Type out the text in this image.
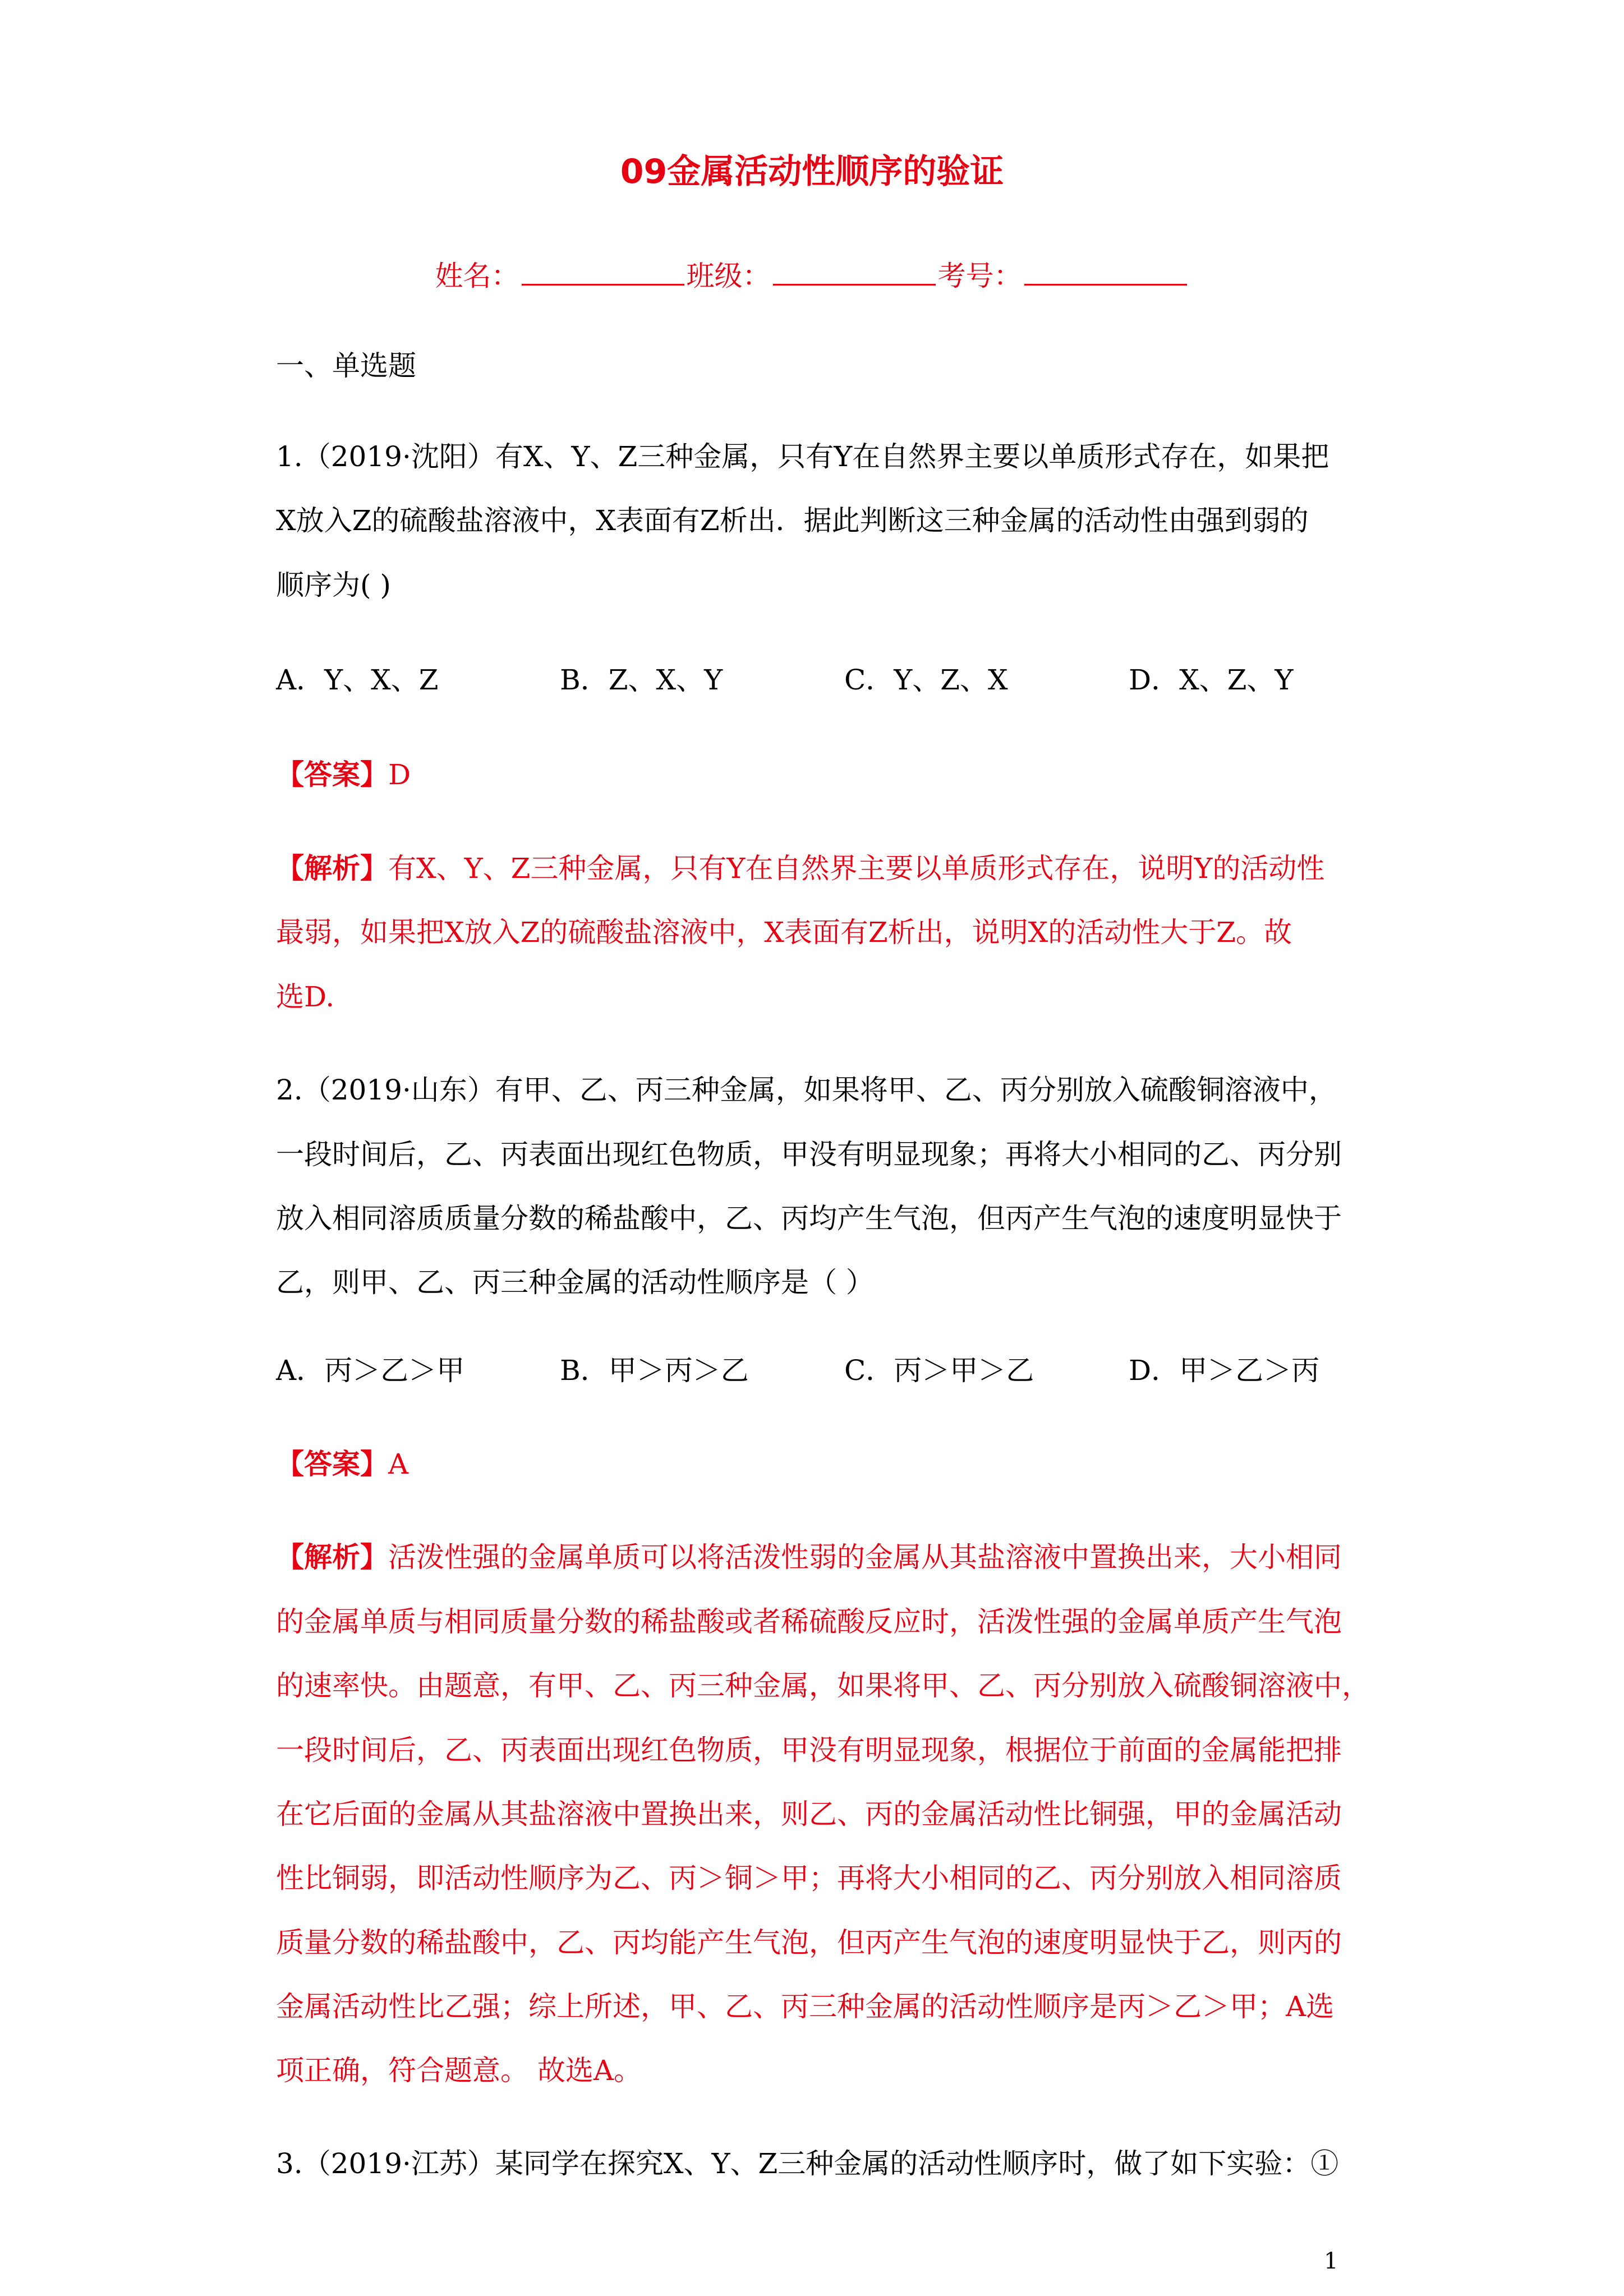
09金属活动性顺序的验证
姓名：	班级：	考号：
一、单选题
1.（2019·沈阳）有X、Y、Z三种金属，只有Y在自然界主要以单质形式存在，如果把
X放入Z的硫酸盐溶液中，X表面有Z析出．据此判断这三种金属的活动性由强到弱的
顺序为( )
A．Y、X、Z	B．Z、X、Y	C．Y、Z、X	D．X、Z、Y
【答案】D
【解析】有X、Y、Z三种金属，只有Y在自然界主要以单质形式存在，说明Y的活动性
最弱，如果把X放入Z的硫酸盐溶液中，X表面有Z析出，说明X的活动性大于Z。故
选D.
2.（2019·山东）有甲、乙、丙三种金属，如果将甲、乙、丙分别放入硫酸铜溶液中，
一段时间后，乙、丙表面出现红色物质，甲没有明显现象；再将大小相同的乙、丙分别
放入相同溶质质量分数的稀盐酸中，乙、丙均产生气泡，但丙产生气泡的速度明显快于
乙，则甲、乙、丙三种金属的活动性顺序是（ ）
A．丙＞乙＞甲	B．甲＞丙＞乙	C．丙＞甲＞乙	D．甲＞乙＞丙
【答案】A
【解析】活泼性强的金属单质可以将活泼性弱的金属从其盐溶液中置换出来，大小相同
的金属单质与相同质量分数的稀盐酸或者稀硫酸反应时，活泼性强的金属单质产生气泡
的速率快。由题意，有甲、乙、丙三种金属，如果将甲、乙、丙分别放入硫酸铜溶液中，
一段时间后，乙、丙表面出现红色物质，甲没有明显现象，根据位于前面的金属能把排
在它后面的金属从其盐溶液中置换出来，则乙、丙的金属活动性比铜强，甲的金属活动
性比铜弱，即活动性顺序为乙、丙＞铜＞甲；再将大小相同的乙、丙分别放入相同溶质
质量分数的稀盐酸中，乙、丙均能产生气泡，但丙产生气泡的速度明显快于乙，则丙的
金属活动性比乙强；综上所述，甲、乙、丙三种金属的活动性顺序是丙＞乙＞甲；A选
项正确，符合题意。 故选A。
3.（2019·江苏）某同学在探究X、Y、Z三种金属的活动性顺序时，做了如下实验：①
1
